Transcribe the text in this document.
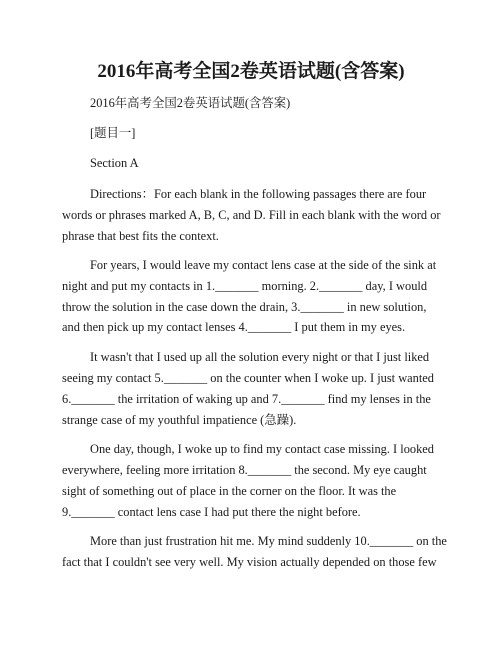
2016年高考全国2卷英语试题(含答案)
2016年高考全国2卷英语试题(含答案)
[题目一]
Section A
Directions：For each blank in the following passages there are four
words or phrases marked A, B, C, and D. Fill in each blank with the word or
phrase that best fits the context.
For years, I would leave my contact lens case at the side of the sink at
night and put my contacts in 1._______ morning. 2._______ day, I would
throw the solution in the case down the drain, 3._______ in new solution,
and then pick up my contact lenses 4._______ I put them in my eyes.
It wasn't that I used up all the solution every night or that I just liked
seeing my contact 5._______ on the counter when I woke up. I just wanted
6._______ the irritation of waking up and 7._______ find my lenses in the
strange case of my youthful impatience (急躁).
One day, though, I woke up to find my contact case missing. I looked
everywhere, feeling more irritation 8._______ the second. My eye caught
sight of something out of place in the corner on the floor. It was the
9._______ contact lens case I had put there the night before.
More than just frustration hit me. My mind suddenly 10._______ on the
fact that I couldn't see very well. My vision actually depended on those few
